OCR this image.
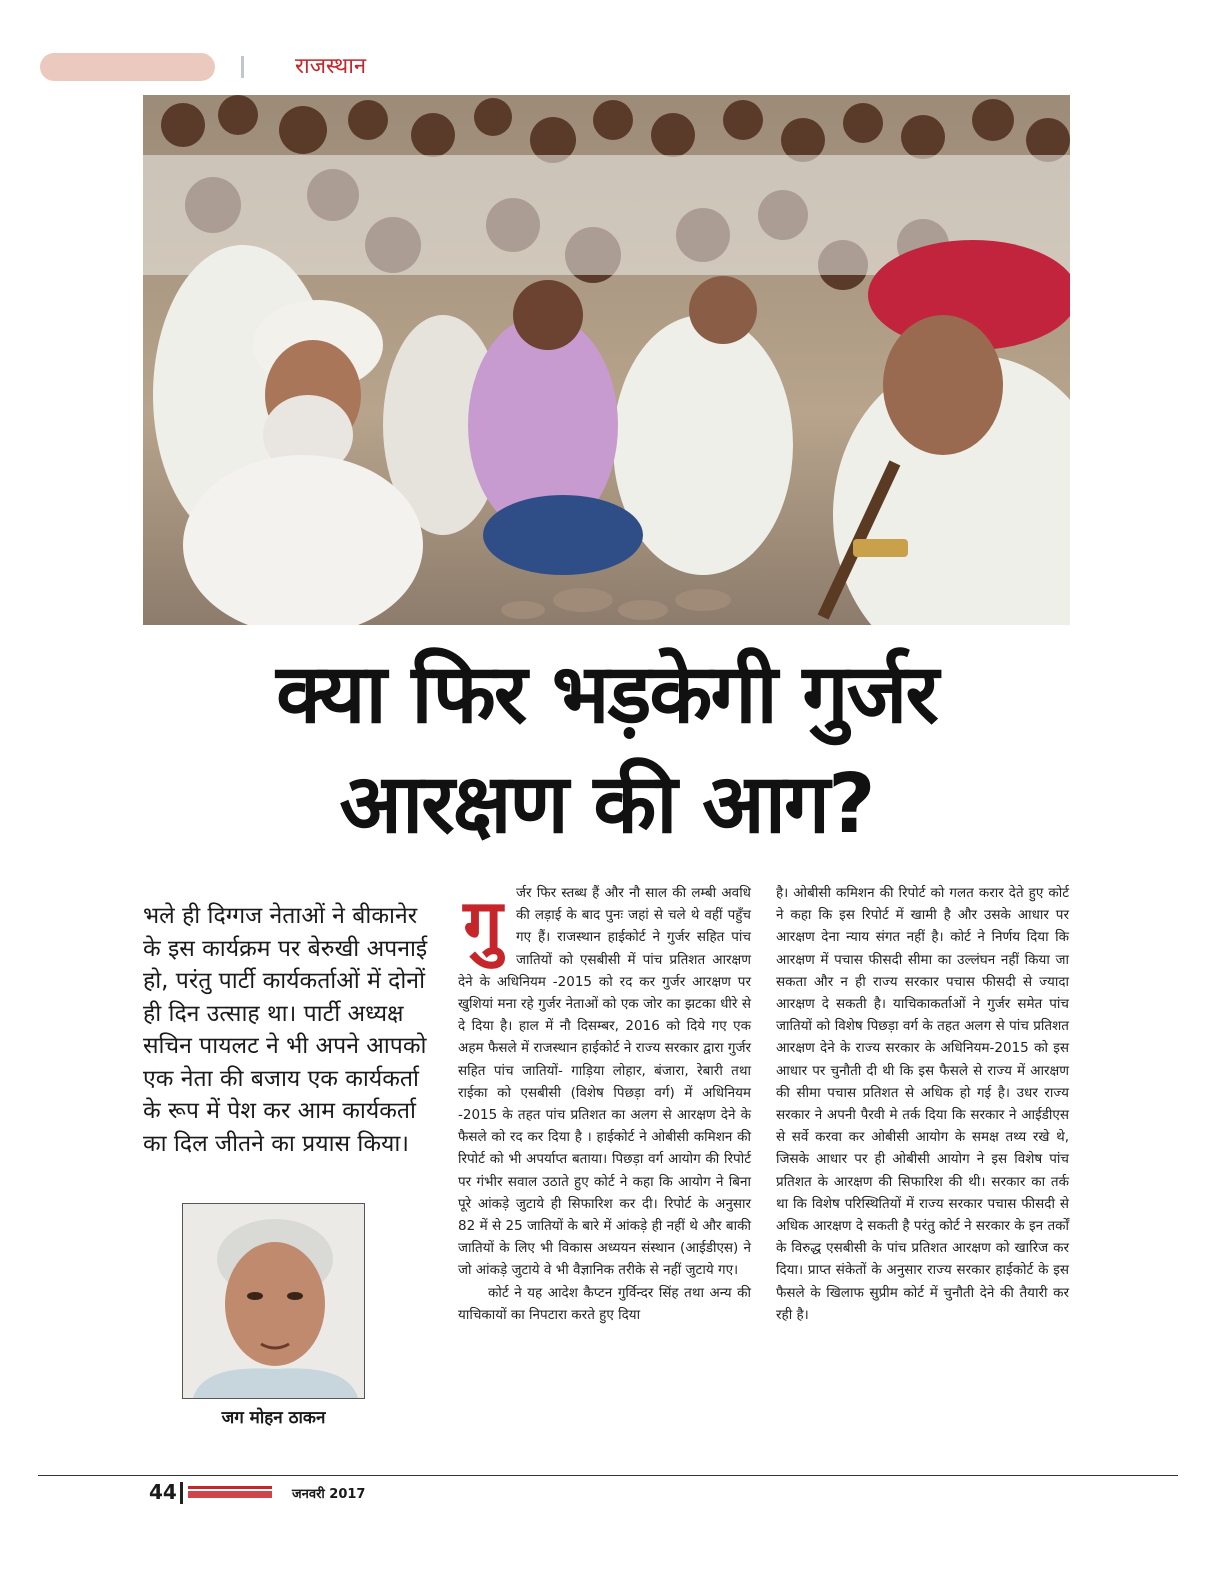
राजस्थान
क्या फिर भड़केगी गुर्जर
आरक्षण की आग?
भले ही दिग्गज नेताओं ने बीकानेर के इस कार्यक्रम पर बेरुखी अपनाई हो, परंतु पार्टी कार्यकर्ताओं में दोनों ही दिन उत्साह था। पार्टी अध्यक्ष सचिन पायलट ने भी अपने आपको एक नेता की बजाय एक कार्यकर्ता के रूप में पेश कर आम कार्यकर्ता का दिल जीतने का प्रयास किया।
जग मोहन ठाकन
गु र्जर फिर स्तब्ध हैं और नौ साल की लम्बी अवधि की लड़ाई के बाद पुनः जहां से चले थे वहीं पहुँच गए हैं। राजस्थान हाईकोर्ट ने गुर्जर सहित पांच जातियों को एसबीसी में पांच प्रतिशत आरक्षण देने के अधिनियम -2015 को रद कर गुर्जर आरक्षण पर खुशियां मना रहे गुर्जर नेताओं को एक जोर का झटका धीरे से दे दिया है। हाल में नौ दिसम्बर, 2016 को दिये गए एक अहम फैसले में राजस्थान हाईकोर्ट ने राज्य सरकार द्वारा गुर्जर सहित पांच जातियों- गाड़िया लोहार, बंजारा, रेबारी तथा राईका को एसबीसी (विशेष पिछड़ा वर्ग) में अधिनियम -2015 के तहत पांच प्रतिशत का अलग से आरक्षण देने के फैसले को रद कर दिया है । हाईकोर्ट ने ओबीसी कमिशन की रिपोर्ट को भी अपर्याप्त बताया। पिछड़ा वर्ग आयोग की रिपोर्ट पर गंभीर सवाल उठाते हुए कोर्ट ने कहा कि आयोग ने बिना पूरे आंकड़े जुटाये ही सिफारिश कर दी। रिपोर्ट के अनुसार 82 में से 25 जातियों के बारे में आंकड़े ही नहीं थे और बाकी जातियों के लिए भी विकास अध्ययन संस्थान (आईडीएस) ने जो आंकड़े जुटाये वे भी वैज्ञानिक तरीके से नहीं जुटाये गए।

कोर्ट ने यह आदेश कैप्टन गुर्विन्दर सिंह तथा अन्य की याचिकायों का निपटारा करते हुए दिया

है। ओबीसी कमिशन की रिपोर्ट को गलत करार देते हुए कोर्ट ने कहा कि इस रिपोर्ट में खामी है और उसके आधार पर आरक्षण देना न्याय संगत नहीं है। कोर्ट ने निर्णय दिया कि आरक्षण में पचास फीसदी सीमा का उल्लंघन नहीं किया जा सकता और न ही राज्य सरकार पचास फीसदी से ज्यादा आरक्षण दे सकती है। याचिकाकर्ताओं ने गुर्जर समेत पांच जातियों को विशेष पिछड़ा वर्ग के तहत अलग से पांच प्रतिशत आरक्षण देने के राज्य सरकार के अधिनियम-2015 को इस आधार पर चुनौती दी थी कि इस फैसले से राज्य में आरक्षण की सीमा पचास प्रतिशत से अधिक हो गई है। उधर राज्य सरकार ने अपनी पैरवी मे तर्क दिया कि सरकार ने आईडीएस से सर्वे करवा कर ओबीसी आयोग के समक्ष तथ्य रखे थे, जिसके आधार पर ही ओबीसी आयोग ने इस विशेष पांच प्रतिशत के आरक्षण की सिफारिश की थी। सरकार का तर्क था कि विशेष परिस्थितियों में राज्य सरकार पचास फीसदी से अधिक आरक्षण दे सकती है परंतु कोर्ट ने सरकार के इन तर्कों के विरुद्ध एसबीसी के पांच प्रतिशत आरक्षण को खारिज कर दिया। प्राप्त संकेतों के अनुसार राज्य सरकार हाईकोर्ट के इस फैसले के खिलाफ सुप्रीम कोर्ट में चुनौती देने की तैयारी कर रही है।

44	जनवरी 2017
